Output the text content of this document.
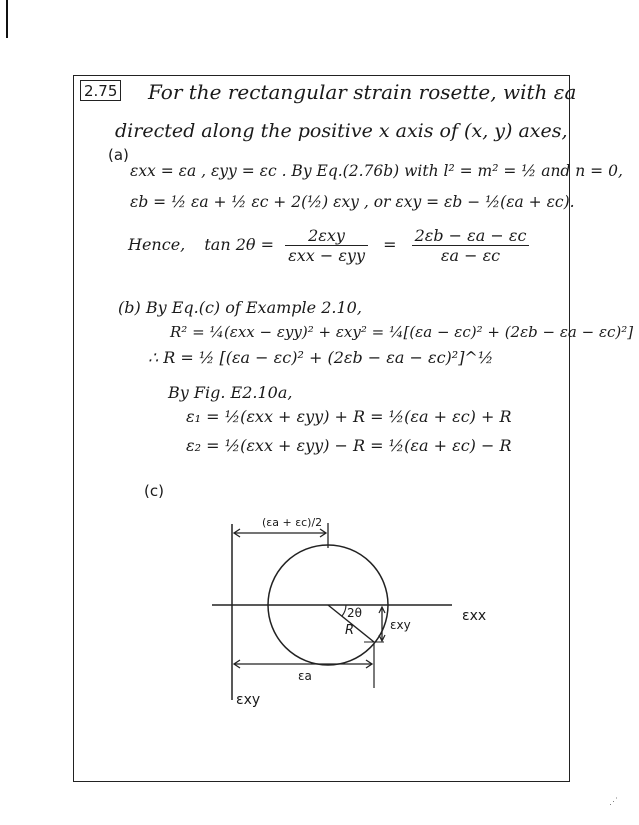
2.75 For the rectangular strain rosette, with εa
directed along the positive x axis of (x, y) axes,
(a)
εxx = εa , εyy = εc . By Eq.(2.76b) with l² = m² = ½ and n = 0,
εb = ½ εa + ½ εc + 2(½) εxy , or εxy = εb − ½(εa + εc).
Hence, $\tan 2\theta = \frac{\text{2εxy}}{\text{εxx − εyy}} = \frac{2\varepsilon b - \varepsilon a - \varepsilon c}{\varepsilon a - \varepsilon c}$
(b) By Eq.(c) of Example 2.10,
R² = ¼(εxx − εyy)² + εxy² = ¼[(εa − εc)² + (2εb − εa − εc)²]
∴ R = ½ [(εa − εc)² + (2εb − εa − εc)²]^½
By Fig. E2.10a,
ε₁ = ½(εxx + εyy) + R = ½(εa + εc) + R
ε₂ = ½(εxx + εyy) − R = ½(εa + εc) − R
(c)
(εa + εc)/2
R
2θ
εxy
εxx
εa
εxy
⋰
